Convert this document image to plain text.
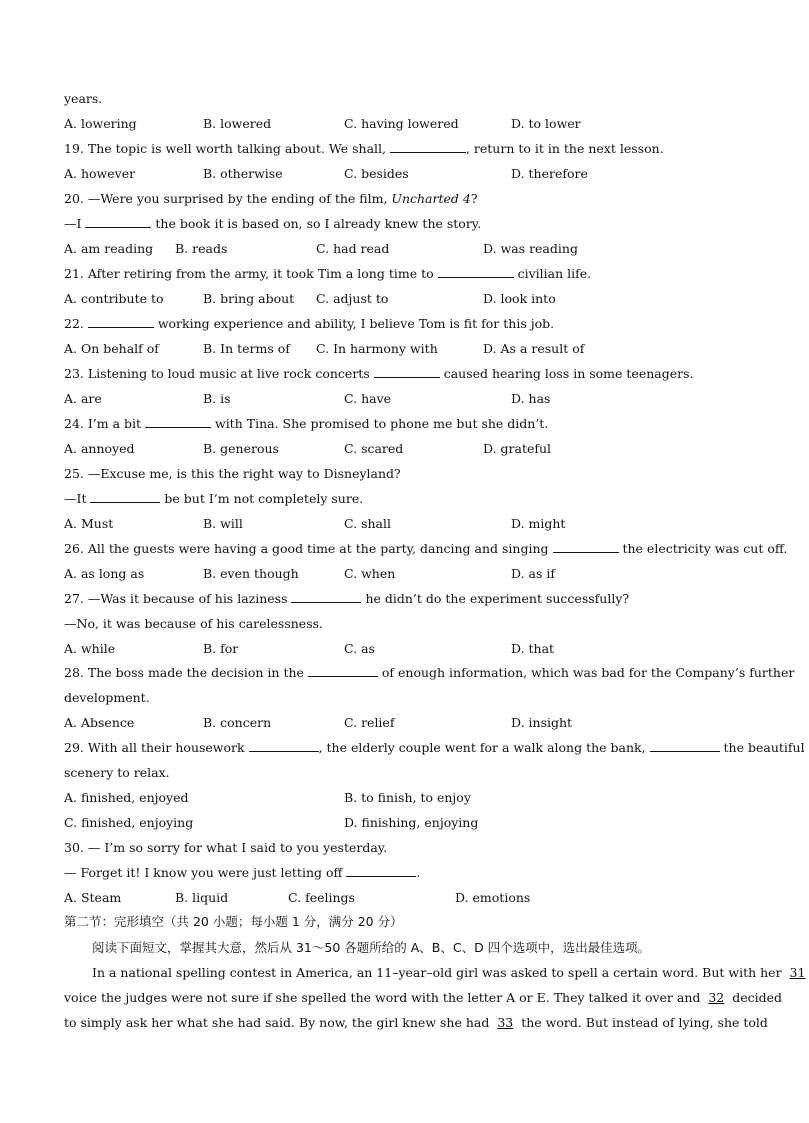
years.
A. lowering	B. lowered	C. having lowered	D. to lower
19. The topic is well worth talking about. We shall,	, return to it in the next lesson.
A. however	B. otherwise	C. besides	D. therefore
20. —Were you surprised by the ending of the film, Uncharted 4?
—I	the book it is based on, so I already knew the story.
A. am reading B. reads	C. had read	D. was reading
21. After retiring from the army, it took Tim a long time to	civilian life.
A. contribute to	B. bring about C. adjust to	D. look into
22.	working experience and ability, I believe Tom is fit for this job.
A. On behalf of	B. In terms of C. In harmony with	D. As a result of
23. Listening to loud music at live rock concerts	caused hearing loss in some teenagers.
A. are	B. is	C. have	D. has
24. I’m a bit	with Tina. She promised to phone me but she didn’t.
A. annoyed	B. generous	C. scared	D. grateful
25. —Excuse me, is this the right way to Disneyland?
—It	be but I’m not completely sure.
A. Must	B. will	C. shall	D. might
26. All the guests were having a good time at the party, dancing and singing	the electricity was cut off.
A. as long as	B. even though	C. when	D. as if
27. —Was it because of his laziness	he didn’t do the experiment successfully?
—No, it was because of his carelessness.
A. while	B. for	C. as	D. that
28. The boss made the decision in the	of enough information, which was bad for the Company’s further
development.
A. Absence	B. concern	C. relief	D. insight
29. With all their housework	, the elderly couple went for a walk along the bank,	the beautiful
scenery to relax.
A. finished, enjoyed	B. to finish, to enjoy
C. finished, enjoying	D. finishing, enjoying
30. — I’m so sorry for what I said to you yesterday.
— Forget it! I know you were just letting off	.
A. Steam	B. liquid	C. feelings	D. emotions
第二节：完形填空（共 20 小题；每小题 1 分，满分 20 分）
阅读下面短文，掌握其大意，然后从 31～50 各题所给的 A、B、C、D 四个选项中，选出最佳选项。
In a national spelling contest in America, an 11–year–old girl was asked to spell a certain word. But with her 31
voice the judges were not sure if she spelled the word with the letter A or E. They talked it over and 32 decided
to simply ask her what she had said. By now, the girl knew she had 33 the word. But instead of lying, she told
